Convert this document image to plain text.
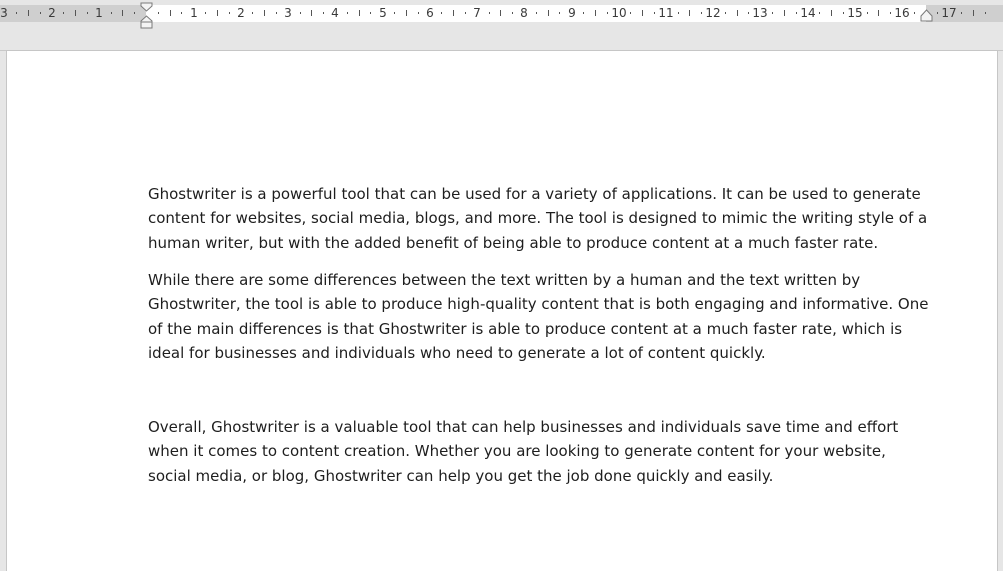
3	2	1	1	2	3	4	5	6	7	8	9	10	11	12	13	14	15	16	17

Ghostwriter is a powerful tool that can be used for a variety of applications. It can be used to generate content for websites, social media, blogs, and more. The tool is designed to mimic the writing style of a human writer, but with the added benefit of being able to produce content at a much faster rate.

While there are some differences between the text written by a human and the text written by Ghostwriter, the tool is able to produce high-quality content that is both engaging and informative. One of the main differences is that Ghostwriter is able to produce content at a much faster rate, which is ideal for businesses and individuals who need to generate a lot of content quickly.

Overall, Ghostwriter is a valuable tool that can help businesses and individuals save time and effort when it comes to content creation. Whether you are looking to generate content for your website, social media, or blog, Ghostwriter can help you get the job done quickly and easily.
